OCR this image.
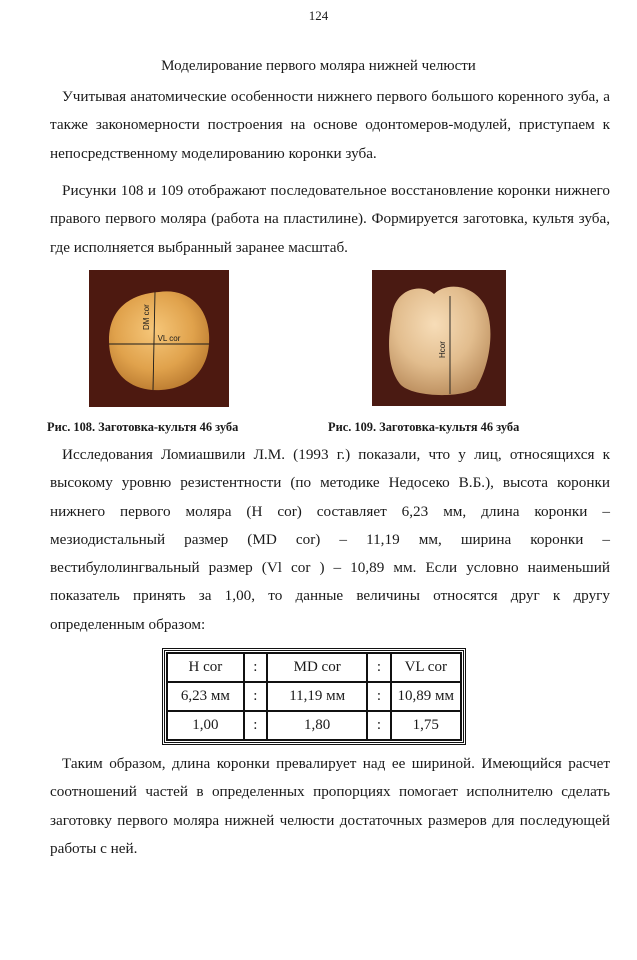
124
Моделирование первого моляра нижней челюсти

Учитывая анатомические особенности нижнего первого большого коренного зуба, а также закономерности построения на основе одонтомеров-модулей, приступаем к непосредственному моделированию коронки зуба.

Рисунки 108 и 109 отображают последовательное восстановление коронки нижнего правого первого моляра (работа на пластилине). Формируется заготовка, культя зуба, где исполняется выбранный заранее масштаб.

DM cor
VL cor
Hcor
Рис. 108. Заготовка-культя 46 зуба	Рис. 109. Заготовка-культя 46 зуба

Исследования Ломиашвили Л.М. (1993 г.) показали, что у лиц, относящихся к высокому уровню резистентности (по методике Недосеко В.Б.), высота коронки нижнего первого моляра (H cor) составляет 6,23 мм, длина коронки – мезиодистальный размер (MD cor) – 11,19 мм, ширина коронки – вестибулолингвальный размер (Vl cor ) – 10,89 мм. Если условно наименьший показатель принять за 1,00, то данные величины относятся друг к другу определенным образом:

H cor	:	MD cor	:	VL cor
6,23 мм	:	11,19 мм	:	10,89 мм
1,00	:	1,80	:	1,75

Таким образом, длина коронки превалирует над ее шириной. Имеющийся расчет соотношений частей в определенных пропорциях помогает исполнителю сделать заготовку первого моляра нижней челюсти достаточных размеров для последующей работы с ней.
